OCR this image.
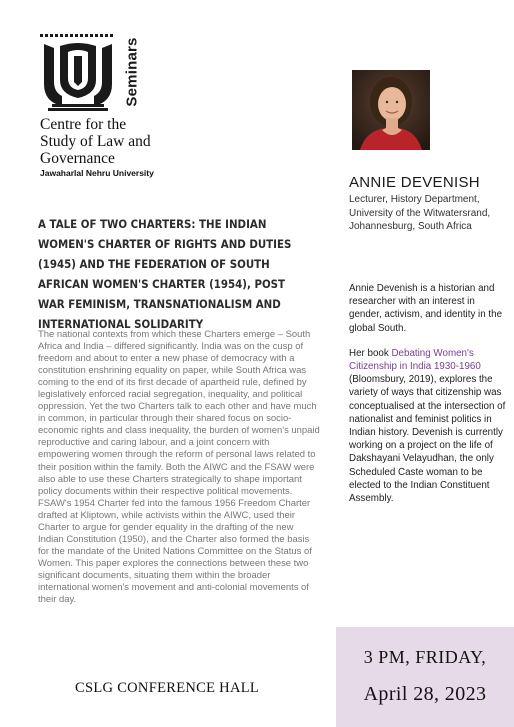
Seminars
Centre for the
Study of Law and
Governance
Jawaharlal Nehru University
ANNIE DEVENISH
Lecturer, History Department,
University of the Witwatersrand,
Johannesburg, South Africa
A TALE OF TWO CHARTERS: THE INDIAN WOMEN'S CHARTER OF RIGHTS AND DUTIES (1945) AND THE FEDERATION OF SOUTH AFRICAN WOMEN'S CHARTER (1954), POST WAR FEMINISM, TRANSNATIONALISM AND INTERNATIONAL SOLIDARITY
The national contexts from which these Charters emerge – South Africa and India – differed significantly. India was on the cusp of freedom and about to enter a new phase of democracy with a constitution enshrining equality on paper, while South Africa was coming to the end of its first decade of apartheid rule, defined by legislatively enforced racial segregation, inequality, and political oppression. Yet the two Charters talk to each other and have much in common, in particular through their shared focus on socio-economic rights and class inequality, the burden of women's unpaid reproductive and caring labour, and a joint concern with empowering women through the reform of personal laws related to their position within the family. Both the AIWC and the FSAW were also able to use these Charters strategically to shape important policy documents within their respective political movements. FSAW's 1954 Charter fed into the famous 1956 Freedom Charter drafted at Kliptown, while activists within the AIWC, used their Charter to argue for gender equality in the drafting of the new Indian Constitution (1950), and the Charter also formed the basis for the mandate of the United Nations Committee on the Status of Women. This paper explores the connections between these two significant documents, situating them within the broader international women's movement and anti-colonial movements of their day.

Annie Devenish is a historian and researcher with an interest in gender, activism, and identity in the global South.

Her book Debating Women's Citizenship in India 1930-1960 (Bloomsbury, 2019), explores the variety of ways that citizenship was conceptualised at the intersection of nationalist and feminist politics in Indian history. Devenish is currently working on a project on the life of Dakshayani Velayudhan, the only Scheduled Caste woman to be elected to the Indian Constituent Assembly.

3 PM, FRIDAY,
April 28, 2023
CSLG CONFERENCE HALL
